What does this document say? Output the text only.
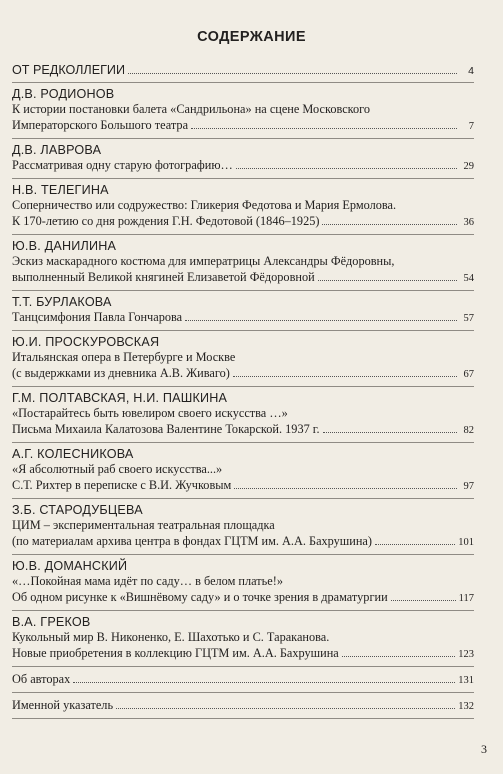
СОДЕРЖАНИЕ
ОТ РЕДКОЛЛЕГИИ	4
Д.В. РОДИОНОВ
К истории постановки балета «Сандрильона» на сцене Московского
Императорского Большого театра	7
Д.В. ЛАВРОВА
Рассматривая одну старую фотографию…	29
Н.В. ТЕЛЕГИНА
Соперничество или содружество: Гликерия Федотова и Мария Ермолова.
К 170-летию со дня рождения Г.Н. Федотовой (1846–1925)	36
Ю.В. ДАНИЛИНА
Эскиз маскарадного костюма для императрицы Александры Фёдоровны,
выполненный Великой княгиней Елизаветой Фёдоровной	54
Т.Т. БУРЛАКОВА
Танцсимфония Павла Гончарова	57
Ю.И. ПРОСКУРОВСКАЯ
Итальянская опера в Петербурге и Москве
(с выдержками из дневника А.В. Живаго)	67
Г.М. ПОЛТАВСКАЯ, Н.И. ПАШКИНА
«Постарайтесь быть ювелиром своего искусства …»
Письма Михаила Калатозова Валентине Токарской. 1937 г.	82
А.Г. КОЛЕСНИКОВА
«Я абсолютный раб своего искусства...»
С.Т. Рихтер в переписке с В.И. Жучковым	97
З.Б. СТАРОДУБЦЕВА
ЦИМ – экспериментальная театральная площадка
(по материалам архива центра в фондах ГЦТМ им. А.А. Бахрушина)	101
Ю.В. ДОМАНСКИЙ
«…Покойная мама идёт по саду… в белом платье!»
Об одном рисунке к «Вишнёвому саду» и о точке зрения в драматургии	117
В.А. ГРЕКОВ
Кукольный мир В. Никоненко, Е. Шахотько и С. Тараканова.
Новые приобретения в коллекцию ГЦТМ им. А.А. Бахрушина	123
Об авторах	131
Именной указатель	132
3
